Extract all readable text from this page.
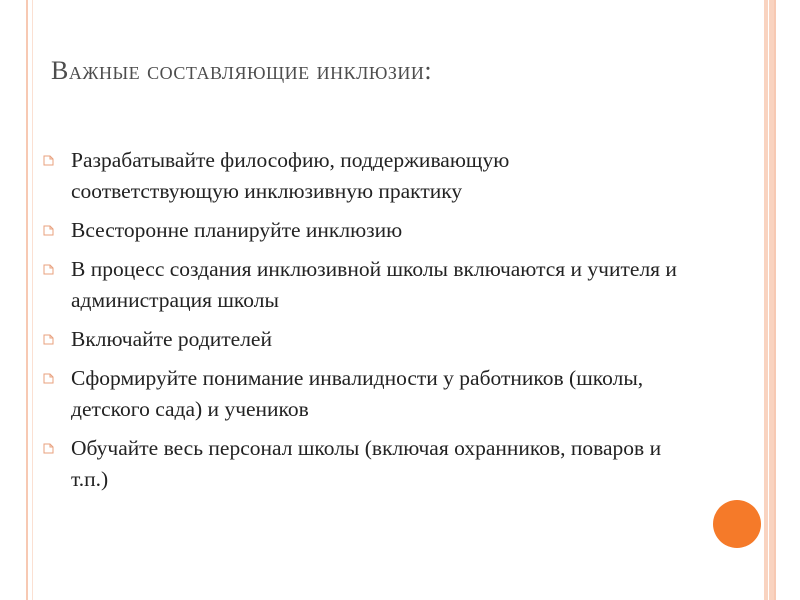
Важные составляющие инклюзии:
Разрабатывайте философию, поддерживающую соответствующую инклюзивную практику
Всесторонне планируйте инклюзию
В процесс создания инклюзивной школы включаются и учителя и администрация школы
Включайте родителей
Сформируйте понимание инвалидности у работников (школы, детского сада) и учеников
Обучайте весь персонал школы (включая охранников, поваров и т.п.)
